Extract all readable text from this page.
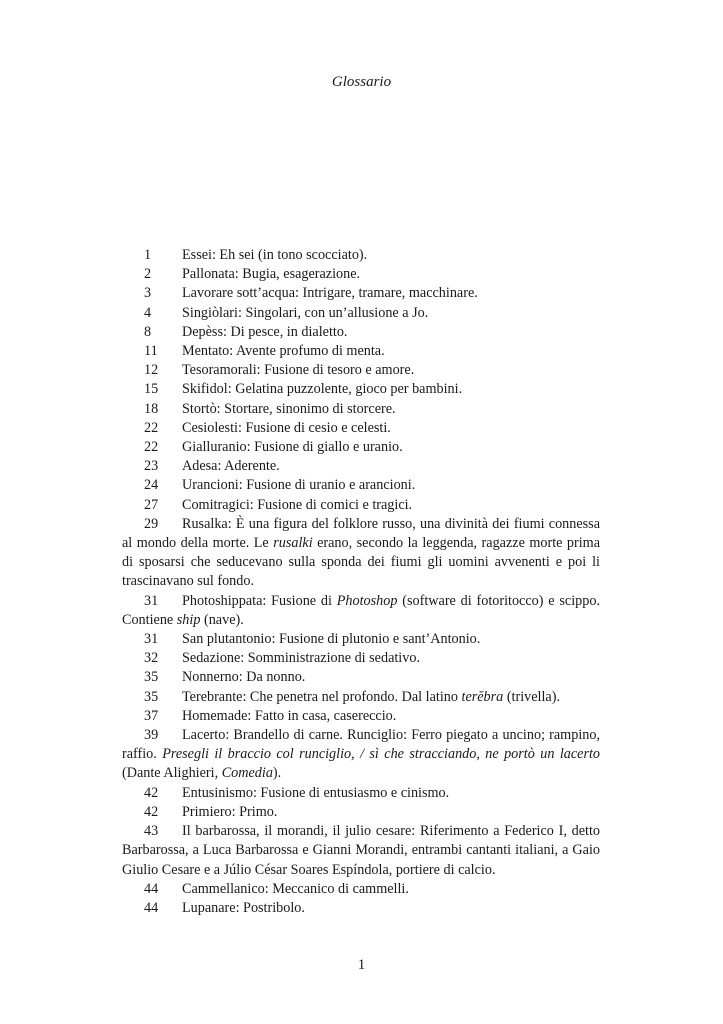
Glossario

1 Essei: Eh sei (in tono scocciato).

2 Pallonata: Bugia, esagerazione.

3 Lavorare sott’acqua: Intrigare, tramare, macchinare.

4 Singiòlari: Singolari, con un’allusione a Jo.

8 Depèss: Di pesce, in dialetto.

11 Mentato: Avente profumo di menta.

12 Tesoramorali: Fusione di tesoro e amore.

15 Skifidol: Gelatina puzzolente, gioco per bambini.

18 Stortò: Stortare, sinonimo di storcere.

22 Cesiolesti: Fusione di cesio e celesti.

22 Gialluranio: Fusione di giallo e uranio.

23 Adesa: Aderente.

24 Urancioni: Fusione di uranio e arancioni.

27 Comitragici: Fusione di comici e tragici.

29 Rusalka: È una figura del folklore russo, una divinità dei fiumi connessa al mondo della morte. Le rusalki erano, secondo la leggenda, ragazze morte prima di sposarsi che seducevano sulla sponda dei fiumi gli uomini avvenenti e poi li trascinavano sul fondo.

31 Photoshippata: Fusione di Photoshop (software di fotoritocco) e scippo. Contiene ship (nave).

31 San plutantonio: Fusione di plutonio e sant’Antonio.

32 Sedazione: Somministrazione di sedativo.

35 Nonnerno: Da nonno.

35 Terebrante: Che penetra nel profondo. Dal latino terĕbra (trivella).

37 Homemade: Fatto in casa, casereccio.

39 Lacerto: Brandello di carne. Runciglio: Ferro piegato a uncino; rampino, raffio. Presegli il braccio col runciglio, / sì che stracciando, ne portò un lacerto (Dante Alighieri, Comedia).

42 Entusinismo: Fusione di entusiasmo e cinismo.

42 Primiero: Primo.

43 Il barbarossa, il morandi, il julio cesare: Riferimento a Federico I, detto Barbarossa, a Luca Barbarossa e Gianni Morandi, entrambi cantanti italiani, a Gaio Giulio Cesare e a Júlio César Soares Espíndola, portiere di calcio.

44 Cammellanico: Meccanico di cammelli.

44 Lupanare: Postribolo.

1
